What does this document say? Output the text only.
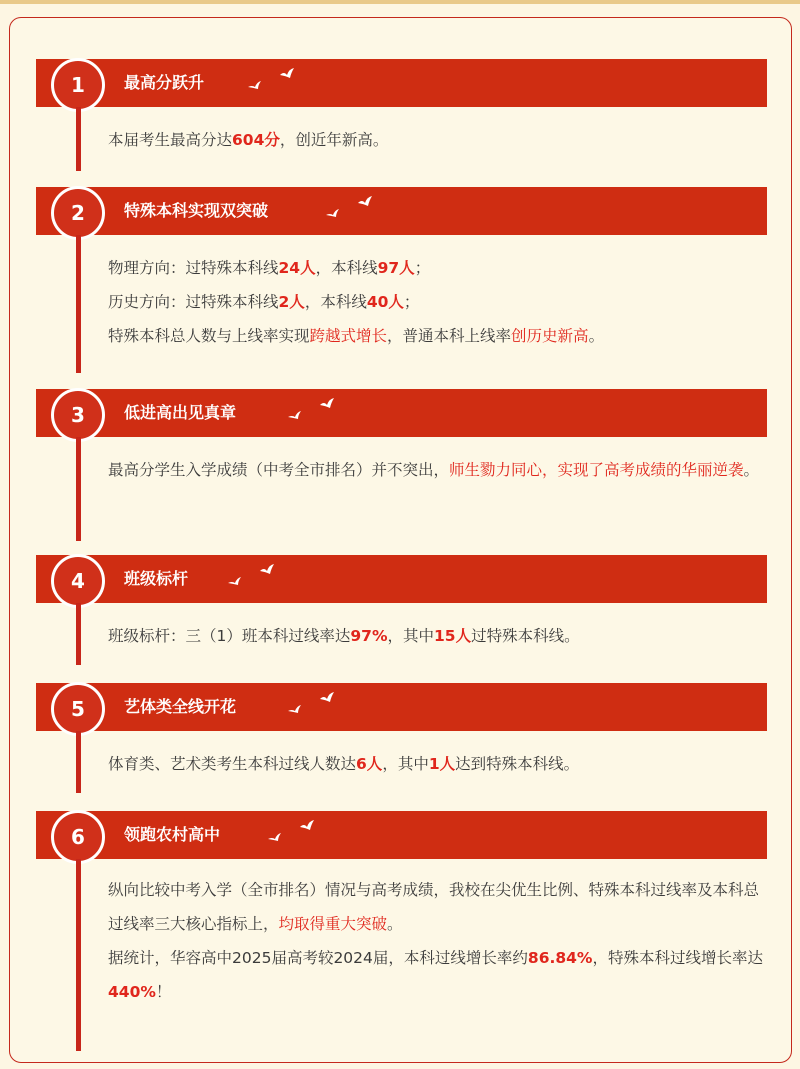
1	最高分跃升

本届考生最高分达604分，创近年新高。

2	特殊本科实现双突破

物理方向：过特殊本科线24人，本科线97人；

历史方向：过特殊本科线2人，本科线40人；

特殊本科总人数与上线率实现跨越式增长，普通本科上线率创历史新高。

3	低进高出见真章

最高分学生入学成绩（中考全市排名）并不突出，师生勠力同心，实现了高考成绩的华丽逆袭。

4	班级标杆

班级标杆：三（1）班本科过线率达97%，其中15人过特殊本科线。

5	艺体类全线开花

体育类、艺术类考生本科过线人数达6人，其中1人达到特殊本科线。

6	领跑农村高中

纵向比较中考入学（全市排名）情况与高考成绩，我校在尖优生比例、特殊本科过线率及本科总过线率三大核心指标上，均取得重大突破。

据统计，华容高中2025届高考较2024届，本科过线增长率约86.84%，特殊本科过线增长率达440%！
